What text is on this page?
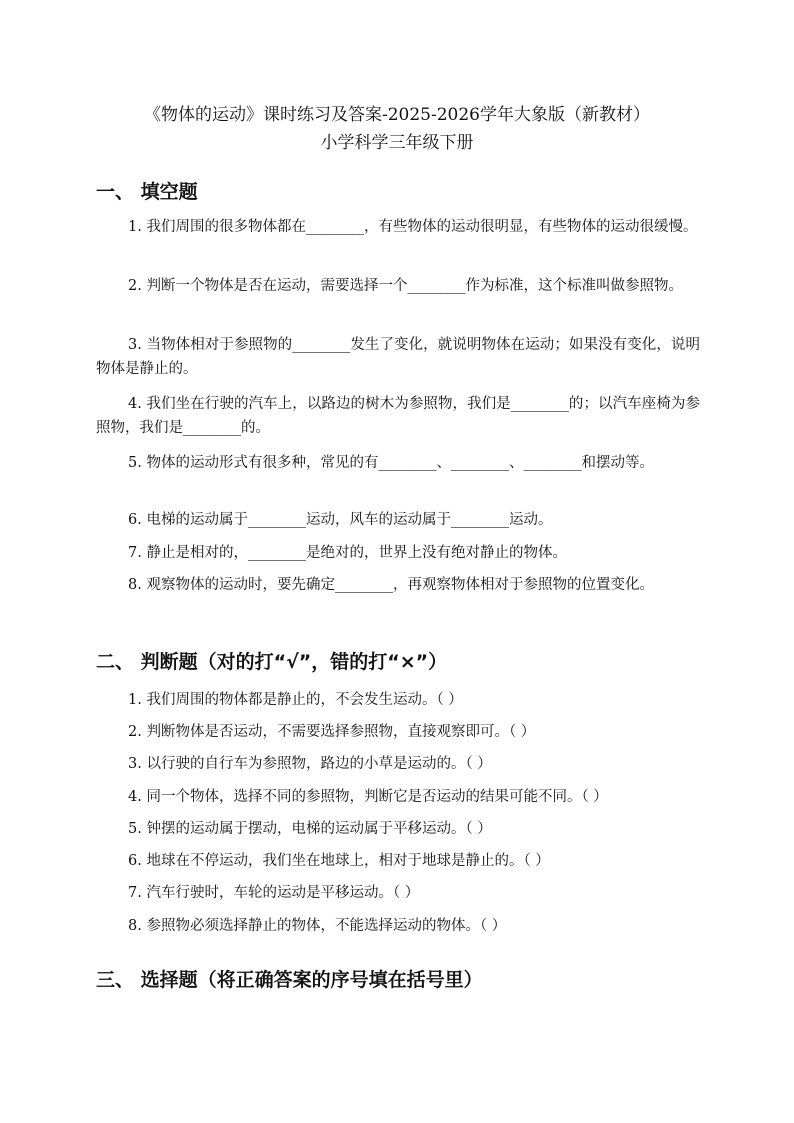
《物体的运动》课时练习及答案-2025-2026学年大象版（新教材）
小学科学三年级下册
一、 填空题

1. 我们周围的很多物体都在________，有些物体的运动很明显，有些物体的运动很缓慢。

2. 判断一个物体是否在运动，需要选择一个________作为标准，这个标准叫做参照物。

3. 当物体相对于参照物的________发生了变化，就说明物体在运动；如果没有变化，说明物体是静止的。

4. 我们坐在行驶的汽车上，以路边的树木为参照物，我们是________的；以汽车座椅为参照物，我们是________的。

5. 物体的运动形式有很多种，常见的有________、________、________和摆动等。

6. 电梯的运动属于________运动，风车的运动属于________运动。

7. 静止是相对的，________是绝对的，世界上没有绝对静止的物体。

8. 观察物体的运动时，要先确定________，再观察物体相对于参照物的位置变化。

二、 判断题（对的打“√”，错的打“×”）

1. 我们周围的物体都是静止的，不会发生运动。（ ）

2. 判断物体是否运动，不需要选择参照物，直接观察即可。（ ）

3. 以行驶的自行车为参照物，路边的小草是运动的。（ ）

4. 同一个物体，选择不同的参照物，判断它是否运动的结果可能不同。（ ）

5. 钟摆的运动属于摆动，电梯的运动属于平移运动。（ ）

6. 地球在不停运动，我们坐在地球上，相对于地球是静止的。（ ）

7. 汽车行驶时，车轮的运动是平移运动。（ ）

8. 参照物必须选择静止的物体，不能选择运动的物体。（ ）

三、 选择题（将正确答案的序号填在括号里）
